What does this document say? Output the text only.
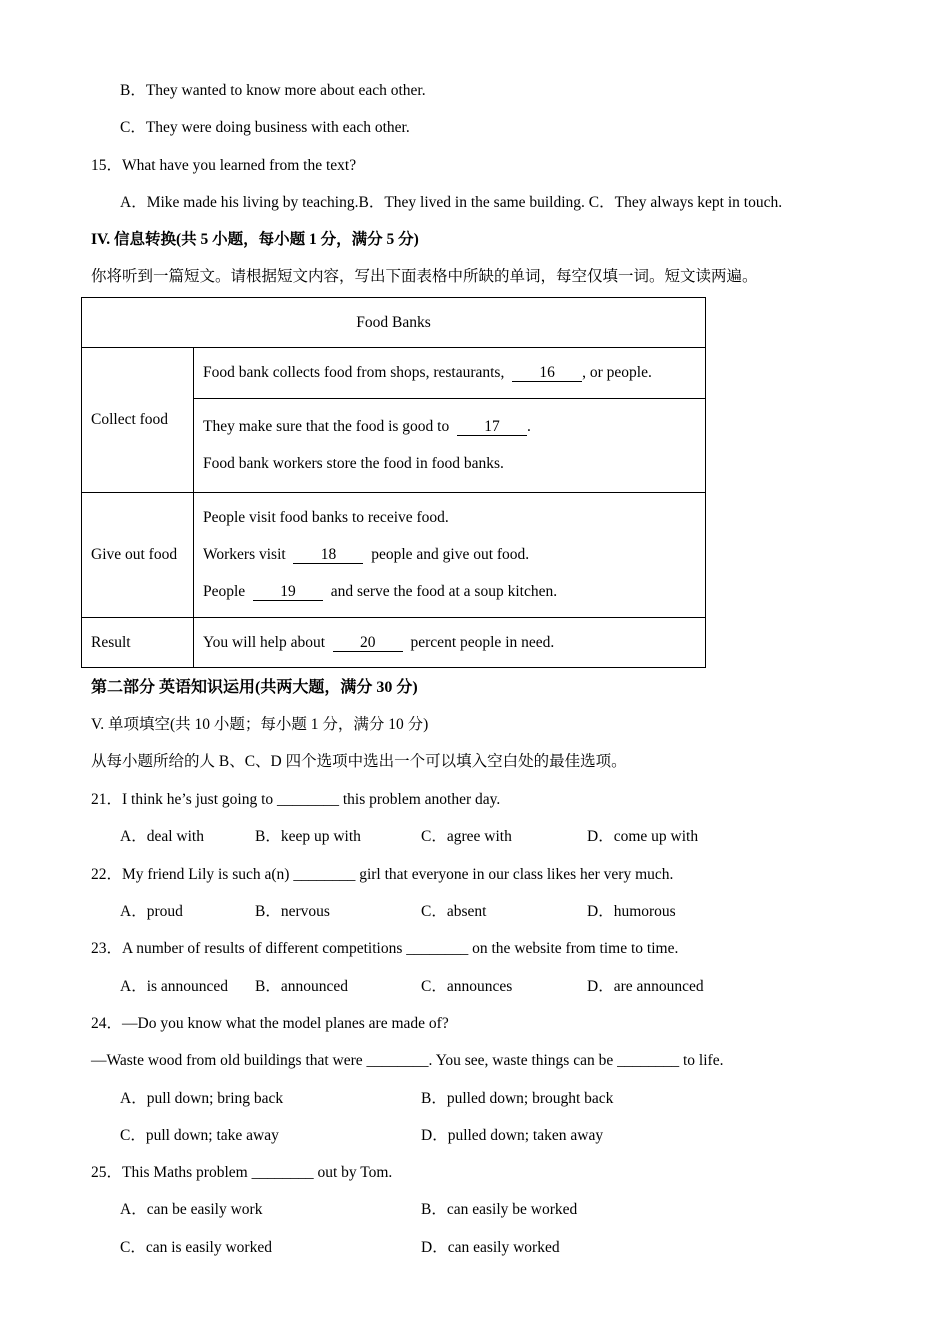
B．They wanted to know more about each other.
C．They were doing business with each other.
15．What have you learned from the text?
A．Mike made his living by teaching.B．They lived in the same building. C．They always kept in touch.
IV. 信息转换(共 5 小题，每小题 1 分，满分 5 分)
你将听到一篇短文。请根据短文内容，写出下面表格中所缺的单词，每空仅填一词。短文读两遍。
Food Banks	
Collect food	Food bank collects food from shops, restaurants, 16 , or people.

	They make sure that the food is good to 17 .
Food bank workers store the food in food banks.

Give out food	People visit food banks to receive food.
Workers visit 18 people and give out food.
People 19 and serve the food at a soup kitchen.

Result	You will help about 20 percent people in need.
第二部分 英语知识运用(共两大题，满分 30 分)
V. 单项填空(共 10 小题；每小题 1 分，满分 10 分)
从每小题所给的人 B、C、D 四个选项中选出一个可以填入空白处的最佳选项。
21．I think he’s just going to ________ this problem another day.
A．deal with	B．keep up with	C．agree with	D．come up with
22．My friend Lily is such a(n) ________ girl that everyone in our class likes her very much.
A．proud	B．nervous	C．absent	D．humorous
23．A number of results of different competitions ________ on the website from time to time.
A．is announced B．announced	C．announces	D．are announced
24．—Do you know what the model planes are made of?
—Waste wood from old buildings that were ________. You see, waste things can be ________ to life.
A．pull down; bring back	B．pulled down; brought back
C．pull down; take away	D．pulled down; taken away
25．This Maths problem ________ out by Tom.
A．can be easily work	B．can easily be worked
C．can is easily worked	D．can easily worked
